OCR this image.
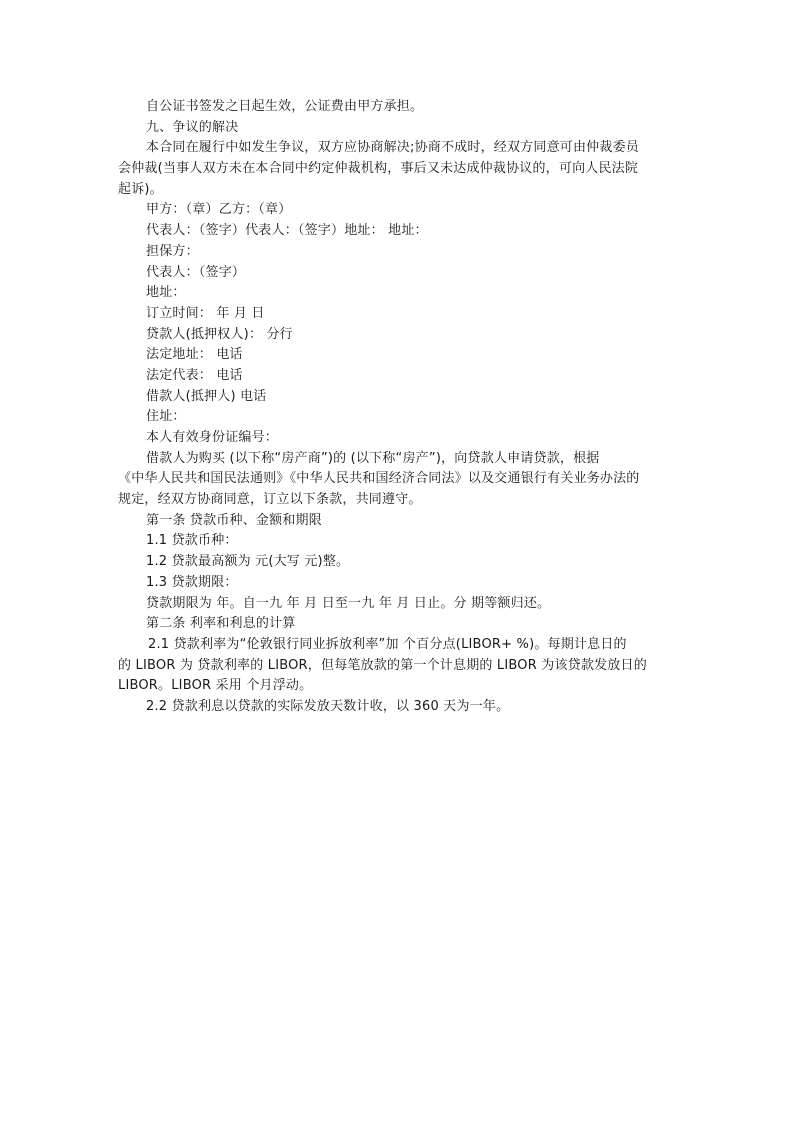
自公证书签发之日起生效，公证费由甲方承担。
九、争议的解决
本合同在履行中如发生争议，双方应协商解决;协商不成时，经双方同意可由仲裁委员
会仲裁(当事人双方未在本合同中约定仲裁机构，事后又未达成仲裁协议的，可向人民法院
起诉)。
甲方：（章）乙方：（章）
代表人：（签字）代表人：（签字）地址： 地址：
担保方：
代表人：（签字）
地址：
订立时间： 年 月 日
贷款人(抵押权人)： 分行
法定地址： 电话
法定代表： 电话
借款人(抵押人) 电话
住址：
本人有效身份证编号：
借款人为购买 (以下称“房产商”)的 (以下称“房产”)，向贷款人申请贷款，根据
《中华人民共和国民法通则》《中华人民共和国经济合同法》以及交通银行有关业务办法的
规定，经双方协商同意，订立以下条款，共同遵守。
第一条 贷款币种、金额和期限
1.1 贷款币种：
1.2 贷款最高额为 元(大写 元)整。
1.3 贷款期限：
贷款期限为 年。自一九 年 月 日至一九 年 月 日止。分 期等额归还。
第二条 利率和利息的计算
2.1 贷款利率为“伦敦银行同业拆放利率”加 个百分点(LIBOR+ %)。每期计息日的
的 LIBOR 为 贷款利率的 LIBOR，但每笔放款的第一个计息期的 LIBOR 为该贷款发放日的
LIBOR。LIBOR 采用 个月浮动。
2.2 贷款利息以贷款的实际发放天数计收，以 360 天为一年。
